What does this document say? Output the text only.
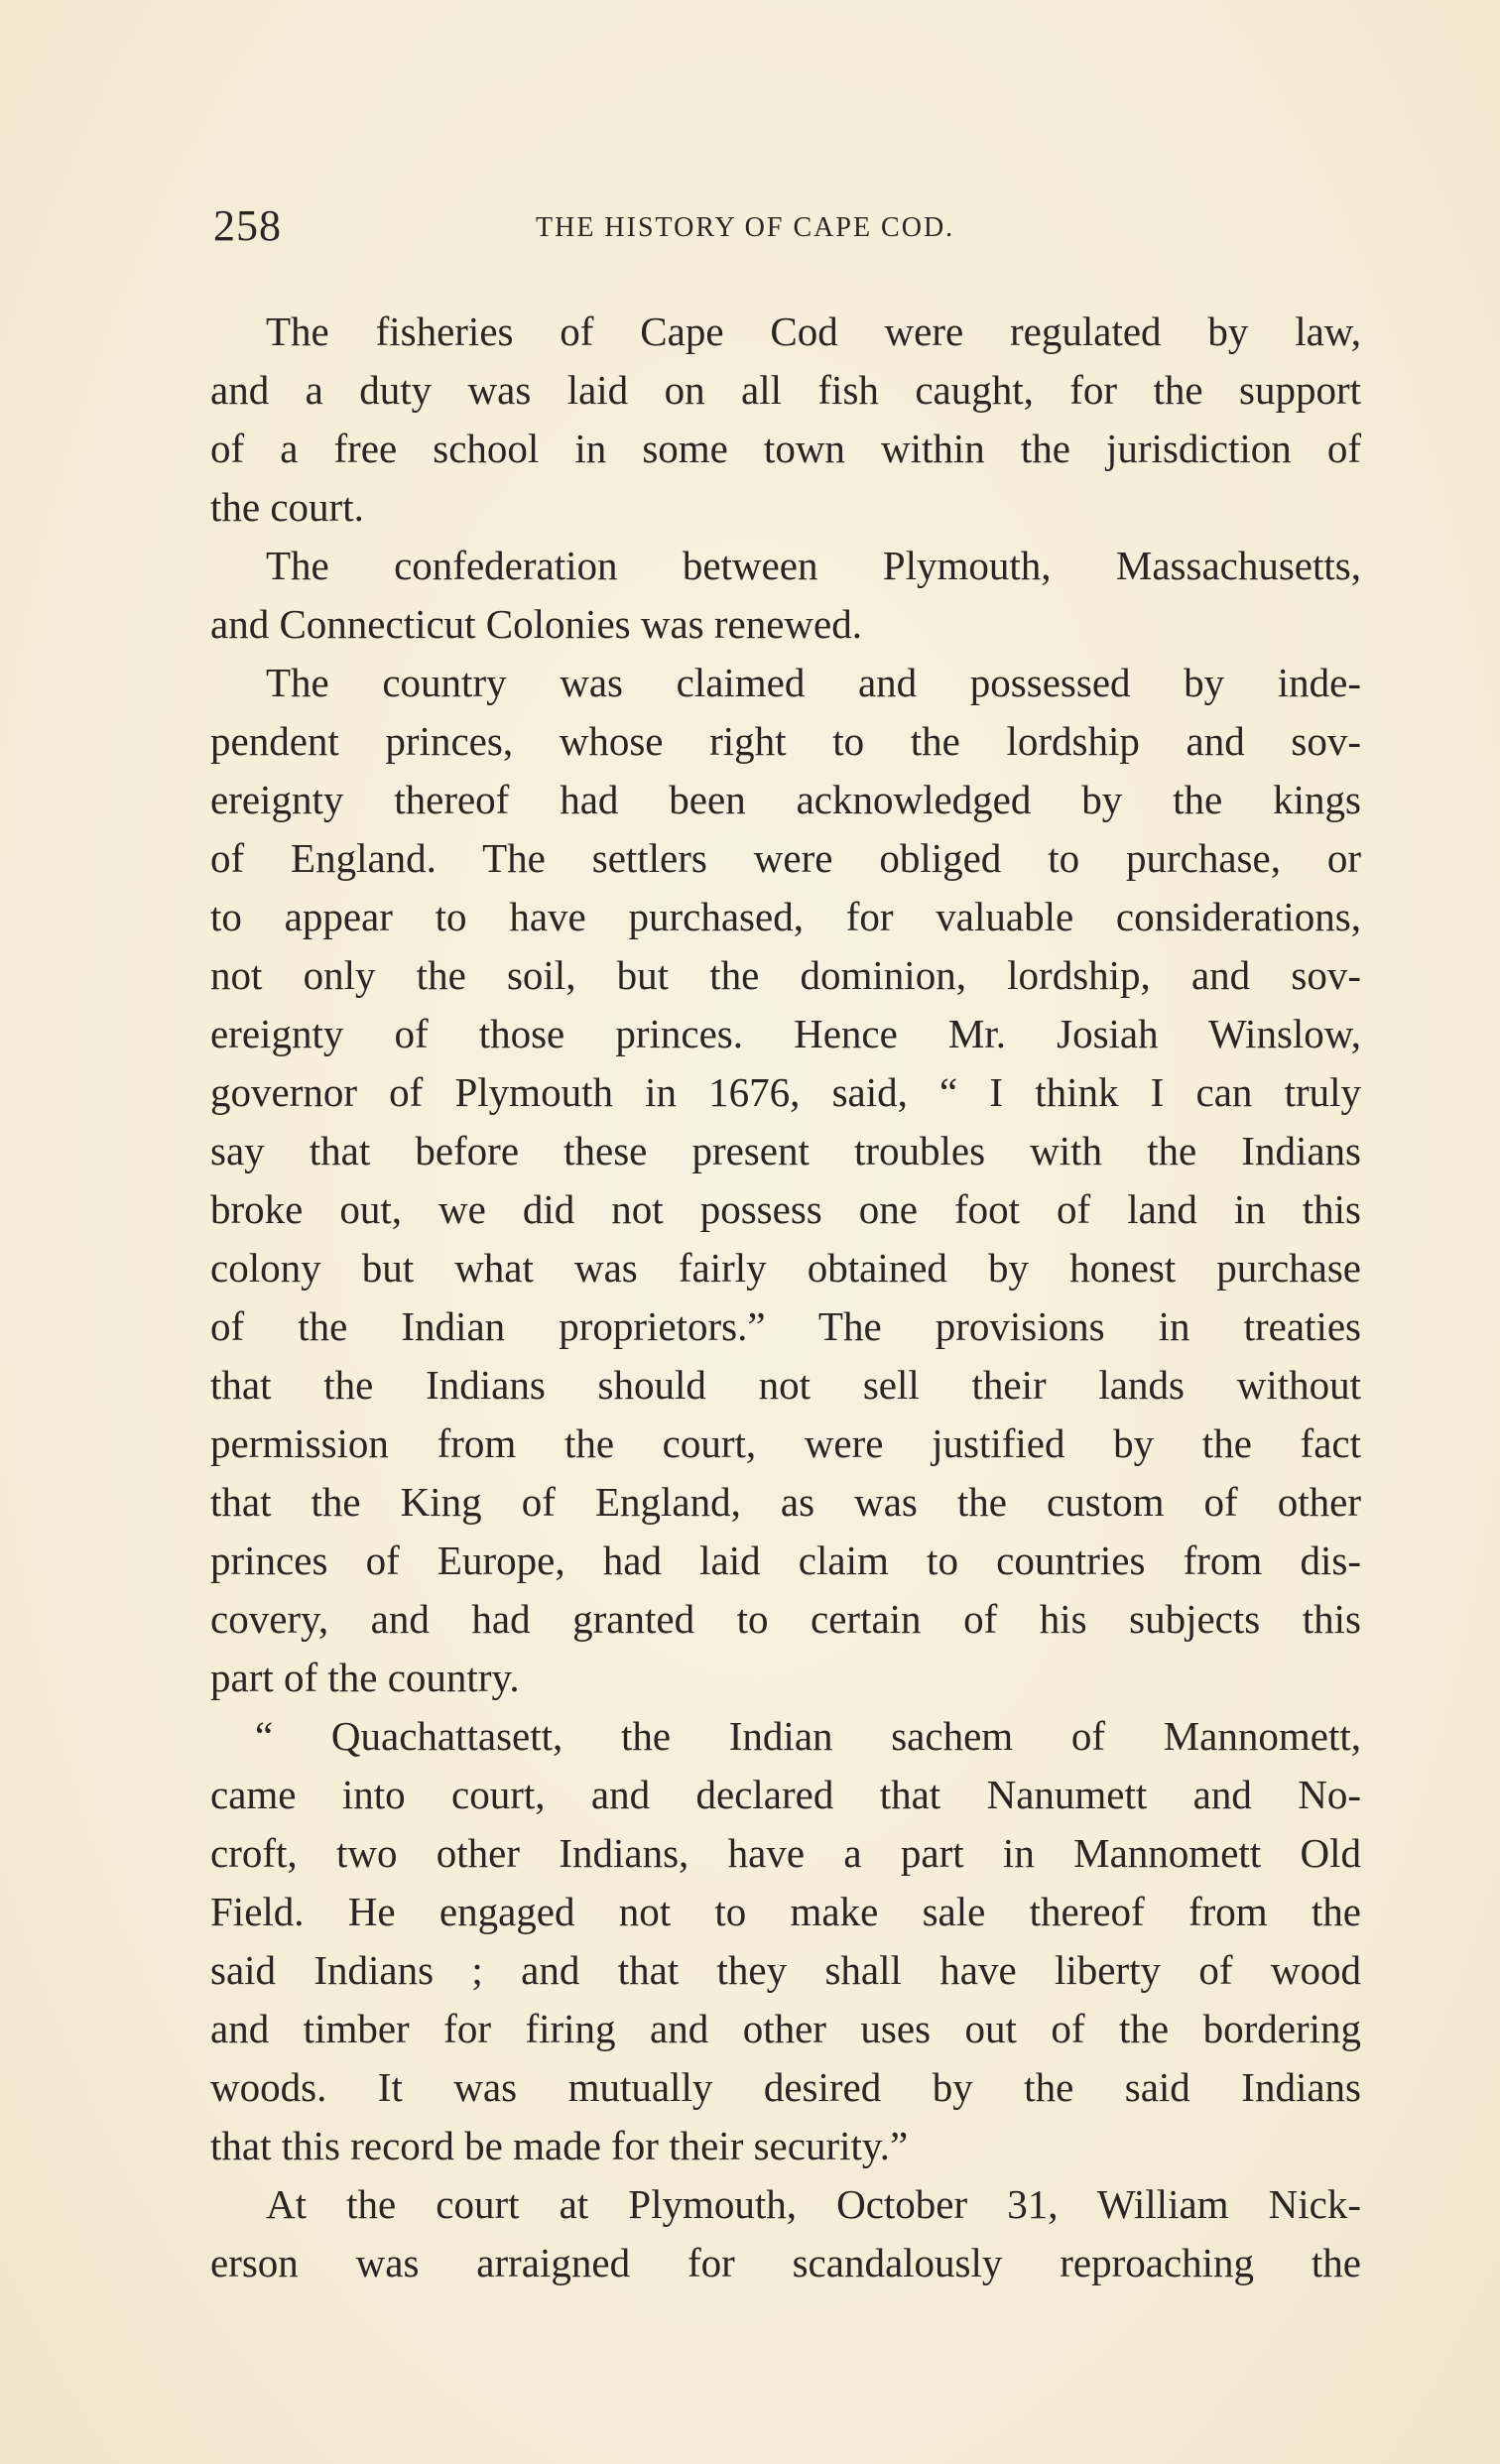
258	THE HISTORY OF CAPE COD.
The fisheries of Cape Cod were regulated by law,
and a duty was laid on all fish caught, for the support
of a free school in some town within the jurisdiction of
the court.
The confederation between Plymouth, Massachusetts,
and Connecticut Colonies was renewed.
The country was claimed and possessed by inde-
pendent princes, whose right to the lordship and sov-
ereignty thereof had been acknowledged by the kings
of England. The settlers were obliged to purchase, or
to appear to have purchased, for valuable considerations,
not only the soil, but the dominion, lordship, and sov-
ereignty of those princes. Hence Mr. Josiah Winslow,
governor of Plymouth in 1676, said, “ I think I can truly
say that before these present troubles with the Indians
broke out, we did not possess one foot of land in this
colony but what was fairly obtained by honest purchase
of the Indian proprietors.” The provisions in treaties
that the Indians should not sell their lands without
permission from the court, were justified by the fact
that the King of England, as was the custom of other
princes of Europe, had laid claim to countries from dis-
covery, and had granted to certain of his subjects this
part of the country.
“ Quachattasett, the Indian sachem of Mannomett,
came into court, and declared that Nanumett and No-
croft, two other Indians, have a part in Mannomett Old
Field. He engaged not to make sale thereof from the
said Indians ; and that they shall have liberty of wood
and timber for firing and other uses out of the bordering
woods. It was mutually desired by the said Indians
that this record be made for their security.”
At the court at Plymouth, October 31, William Nick-
erson was arraigned for scandalously reproaching the
